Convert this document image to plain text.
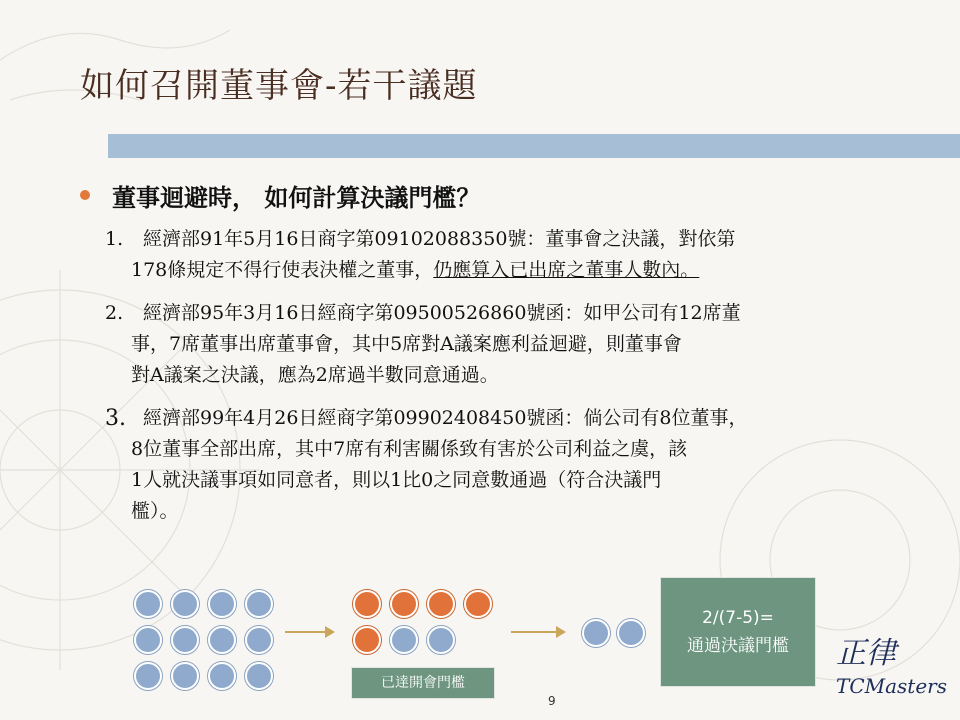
如何召開董事會-若干議題
董事迴避時， 如何計算決議門檻？
1. 經濟部91年5月16日商字第09102088350號：董事會之決議，對依第
178條規定不得行使表決權之董事，仍應算入已出席之董事人數內。
2. 經濟部95年3月16日經商字第09500526860號函：如甲公司有12席董
事，7席董事出席董事會，其中5席對A議案應利益迴避，則董事會
對A議案之決議，應為2席過半數同意通過。
3. 經濟部99年4月26日經商字第09902408450號函：倘公司有8位董事，
8位董事全部出席，其中7席有利害關係致有害於公司利益之虞，該
1人就決議事項如同意者，則以1比0之同意數通過（符合決議門
檻）。
已達開會門檻
2/(7-5)=
通過決議門檻	正律
TCMasters
9
